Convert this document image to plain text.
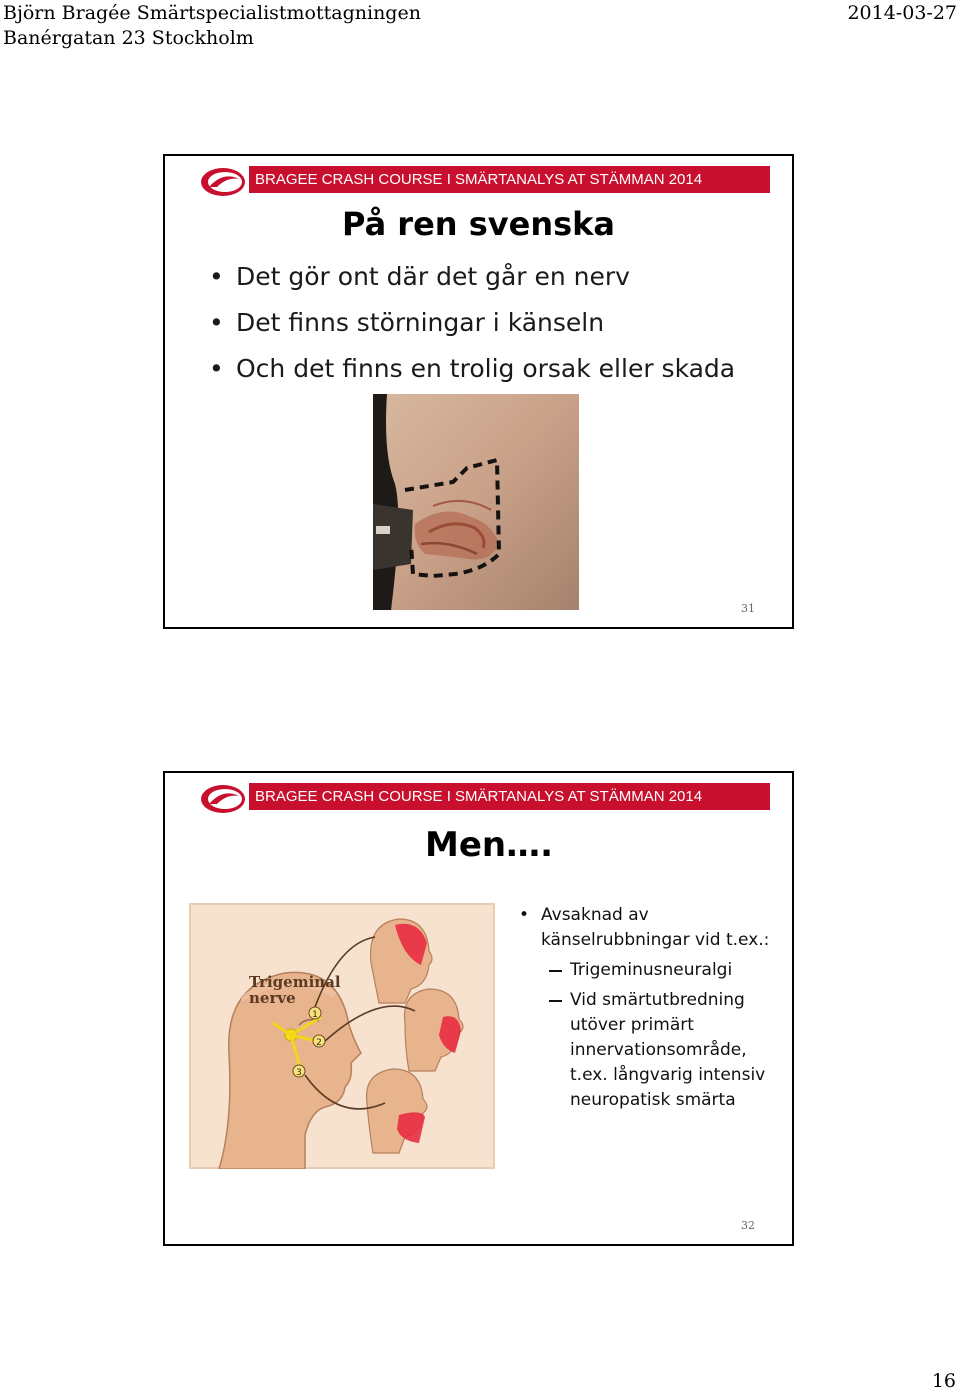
Björn Bragée Smärtspecialistmottagningen
Banérgatan 23 Stockholm
2014-03-27
BRAGEE CRASH COURSE I SMÄRTANALYS AT STÄMMAN 2014
På ren svenska
• Det gör ont där det går en nerv
• Det finns störningar i känseln
• Och det finns en trolig orsak eller skada
31
BRAGEE CRASH COURSE I SMÄRTANALYS AT STÄMMAN 2014
Men….
1
2
3
Trigeminal
nerve
• Avsaknad av
känselrubbningar vid t.ex.:
Trigeminusneuralgi
Vid smärtutbredning
utöver primärt
innervationsområde,
t.ex. långvarig intensiv
neuropatisk smärta
32
16
